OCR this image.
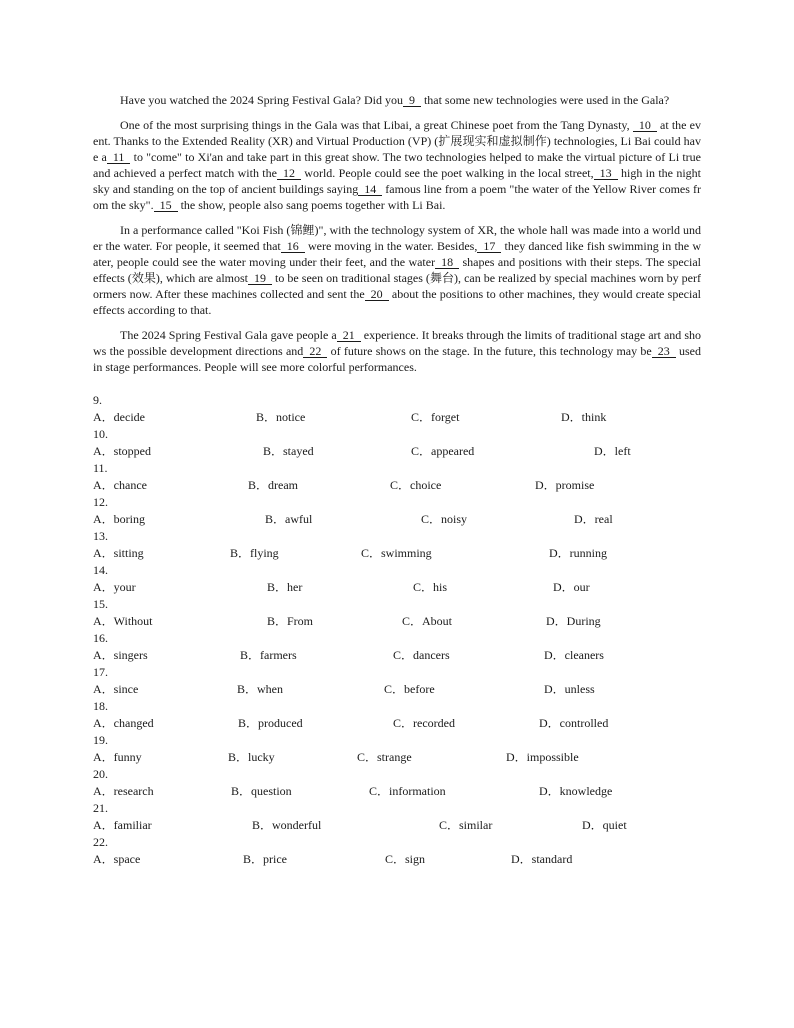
Have you watched the 2024 Spring Festival Gala? Did you 9 that some new technologies were used in the Gala?

One of the most surprising things in the Gala was that Libai, a great Chinese poet from the Tang Dynasty, 10 at the event. Thanks to the Extended Reality (XR) and Virtual Production (VP) (扩展现实和虚拟制作) technologies, Li Bai could have a 11 to "come" to Xi'an and take part in this great show. The two technologies helped to make the virtual picture of Li true and achieved a perfect match with the 12 world. People could see the poet walking in the local street, 13 high in the night sky and standing on the top of ancient buildings saying 14 famous line from a poem "the water of the Yellow River comes from the sky". 15 the show, people also sang poems together with Li Bai.

In a performance called "Koi Fish (锦鲤)", with the technology system of XR, the whole hall was made into a world under the water. For people, it seemed that 16 were moving in the water. Besides, 17 they danced like fish swimming in the water, people could see the water moving under their feet, and the water 18 shapes and positions with their steps. The special effects (效果), which are almost 19 to be seen on traditional stages (舞台), can be realized by special machines worn by performers now. After these machines collected and sent the 20 about the positions to other machines, they would create special effects according to that.

The 2024 Spring Festival Gala gave people a 21 experience. It breaks through the limits of traditional stage art and shows the possible development directions and 22 of future shows on the stage. In the future, this technology may be 23 used in stage performances. People will see more colorful performances.

9.
A．decide	B．notice	C．forget	D．think
10.
A．stopped	B．stayed	C．appeared	D．left
11.
A．chance	B．dream	C．choice	D．promise
12.
A．boring	B．awful	C．noisy	D．real
13.
A．sitting	B．flying	C．swimming	D．running
14.
A．your	B．her	C．his	D．our
15.
A．Without	B．From	C．About	D．During
16.
A．singers	B．farmers	C．dancers	D．cleaners
17.
A．since	B．when	C．before	D．unless
18.
A．changed	B．produced	C．recorded	D．controlled
19.
A．funny	B．lucky	C．strange	D．impossible
20.
A．research	B．question	C．information	D．knowledge
21.
A．familiar	B．wonderful	C．similar	D．quiet
22.
A．space	B．price	C．sign	D．standard
